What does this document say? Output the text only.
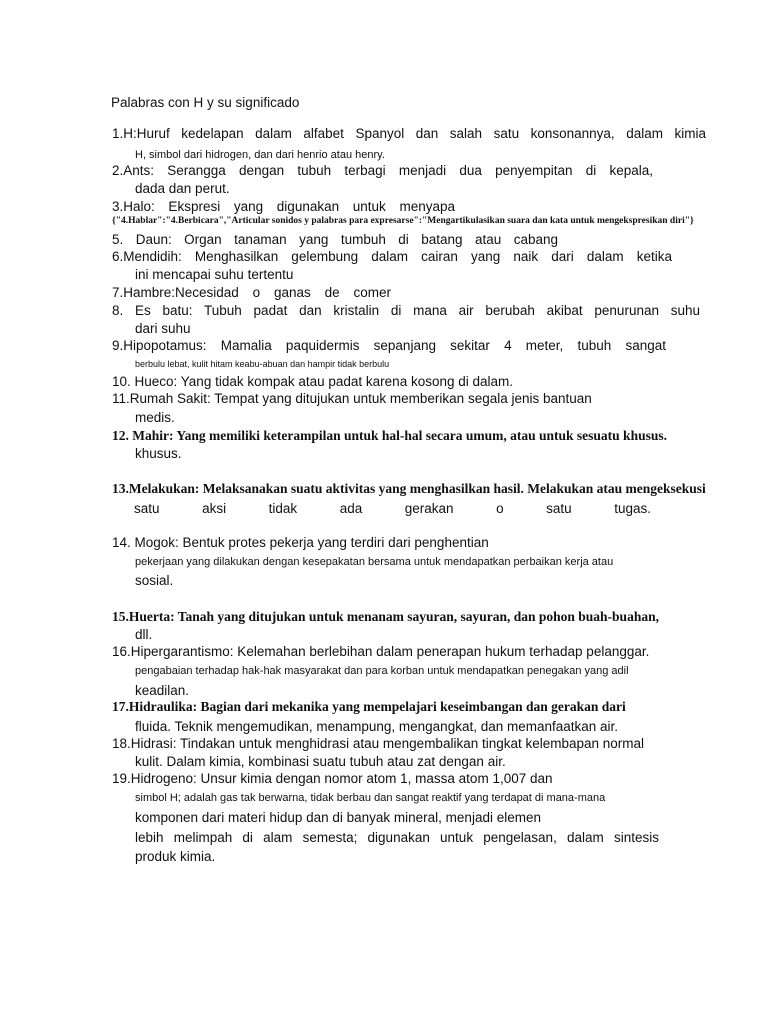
Palabras con H y su significado
1.H:Huruf kedelapan dalam alfabet Spanyol dan salah satu konsonannya, dalam kimia
H, simbol dari hidrogen, dan dari henrio atau henry.
2.Ants: Serangga dengan tubuh terbagi menjadi dua penyempitan di kepala,
dada dan perut.
3.Halo: Ekspresi yang digunakan untuk menyapa
{"4.Hablar":"4.Berbicara","Articular sonidos y palabras para expresarse":"Mengartikulasikan suara dan kata untuk mengekspresikan diri"}
5. Daun: Organ tanaman yang tumbuh di batang atau cabang
6.Mendidih: Menghasilkan gelembung dalam cairan yang naik dari dalam ketika
ini mencapai suhu tertentu
7.Hambre:Necesidad o ganas de comer
8. Es batu: Tubuh padat dan kristalin di mana air berubah akibat penurunan suhu
dari suhu
9.Hipopotamus: Mamalia paquidermis sepanjang sekitar 4 meter, tubuh sangat
berbulu lebat, kulit hitam keabu-abuan dan hampir tidak berbulu
10. Hueco: Yang tidak kompak atau padat karena kosong di dalam.
11.Rumah Sakit: Tempat yang ditujukan untuk memberikan segala jenis bantuan
medis.
12. Mahir: Yang memiliki keterampilan untuk hal-hal secara umum, atau untuk sesuatu khusus.
khusus.
13.Melakukan: Melaksanakan suatu aktivitas yang menghasilkan hasil. Melakukan atau mengeksekusi
satu aksi tidak ada gerakan o satu tugas.
14. Mogok: Bentuk protes pekerja yang terdiri dari penghentian
pekerjaan yang dilakukan dengan kesepakatan bersama untuk mendapatkan perbaikan kerja atau
sosial.
15.Huerta: Tanah yang ditujukan untuk menanam sayuran, sayuran, dan pohon buah-buahan,
dll.
16.Hipergarantismo: Kelemahan berlebihan dalam penerapan hukum terhadap pelanggar.
pengabaian terhadap hak-hak masyarakat dan para korban untuk mendapatkan penegakan yang adil
keadilan.
17.Hidraulika: Bagian dari mekanika yang mempelajari keseimbangan dan gerakan dari
fluida. Teknik mengemudikan, menampung, mengangkat, dan memanfaatkan air.
18.Hidrasi: Tindakan untuk menghidrasi atau mengembalikan tingkat kelembapan normal
kulit. Dalam kimia, kombinasi suatu tubuh atau zat dengan air.
19.Hidrogeno: Unsur kimia dengan nomor atom 1, massa atom 1,007 dan
simbol H; adalah gas tak berwarna, tidak berbau dan sangat reaktif yang terdapat di mana-mana
komponen dari materi hidup dan di banyak mineral, menjadi elemen
lebih melimpah di alam semesta; digunakan untuk pengelasan, dalam sintesis
produk kimia.
